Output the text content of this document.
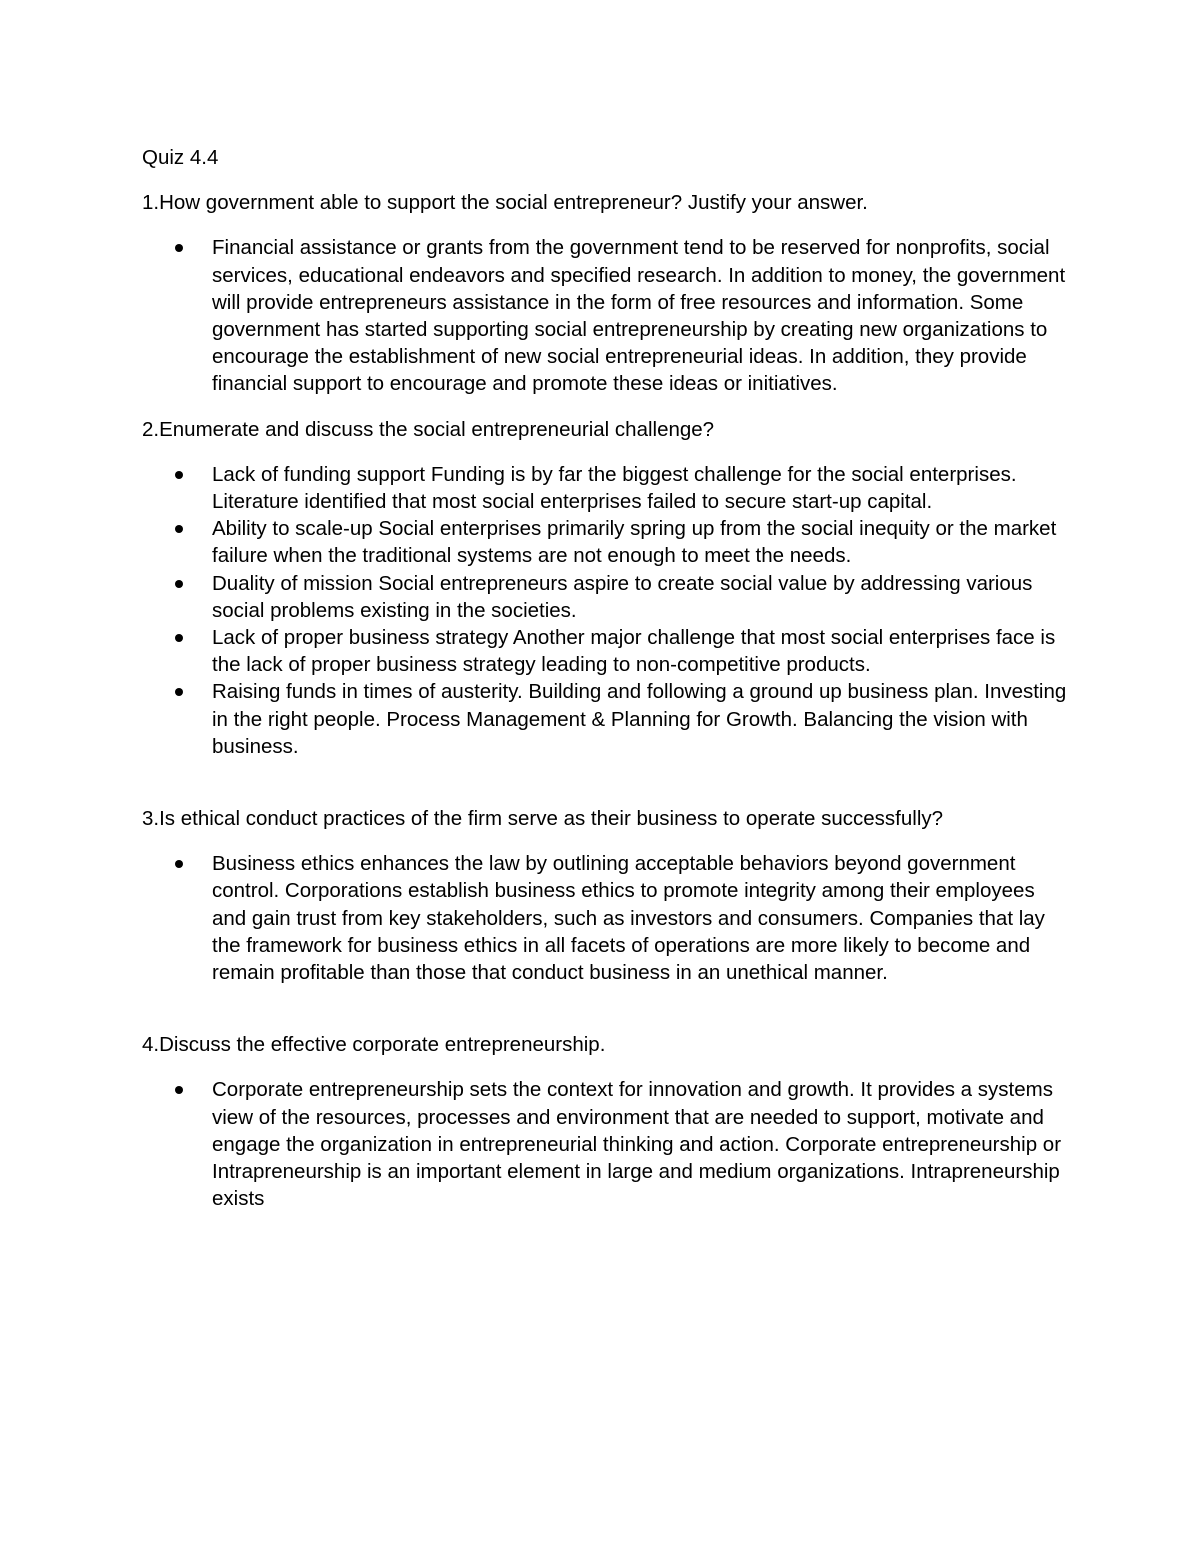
Quiz 4.4
1.How government able to support the social entrepreneur? Justify your answer.
Financial assistance or grants from the government tend to be reserved for nonprofits, social services, educational endeavors and specified research. In addition to money, the government will provide entrepreneurs assistance in the form of free resources and information. Some government has started supporting social entrepreneurship by creating new organizations to encourage the establishment of new social entrepreneurial ideas. In addition, they provide financial support to encourage and promote these ideas or initiatives.
2.Enumerate and discuss the social entrepreneurial challenge?
Lack of funding support Funding is by far the biggest challenge for the social enterprises. Literature identified that most social enterprises failed to secure start-up capital.
Ability to scale-up Social enterprises primarily spring up from the social inequity or the market failure when the traditional systems are not enough to meet the needs.
Duality of mission Social entrepreneurs aspire to create social value by addressing various social problems existing in the societies.
Lack of proper business strategy Another major challenge that most social enterprises face is the lack of proper business strategy leading to non-competitive products.
Raising funds in times of austerity. Building and following a ground up business plan. Investing in the right people. Process Management & Planning for Growth. Balancing the vision with business.
3.Is ethical conduct practices of the firm serve as their business to operate successfully?
Business ethics enhances the law by outlining acceptable behaviors beyond government control. Corporations establish business ethics to promote integrity among their employees and gain trust from key stakeholders, such as investors and consumers. Companies that lay the framework for business ethics in all facets of operations are more likely to become and remain profitable than those that conduct business in an unethical manner.
4.Discuss the effective corporate entrepreneurship.
Corporate entrepreneurship sets the context for innovation and growth. It provides a systems view of the resources, processes and environment that are needed to support, motivate and engage the organization in entrepreneurial thinking and action. Corporate entrepreneurship or Intrapreneurship is an important element in large and medium organizations. Intrapreneurship exists
